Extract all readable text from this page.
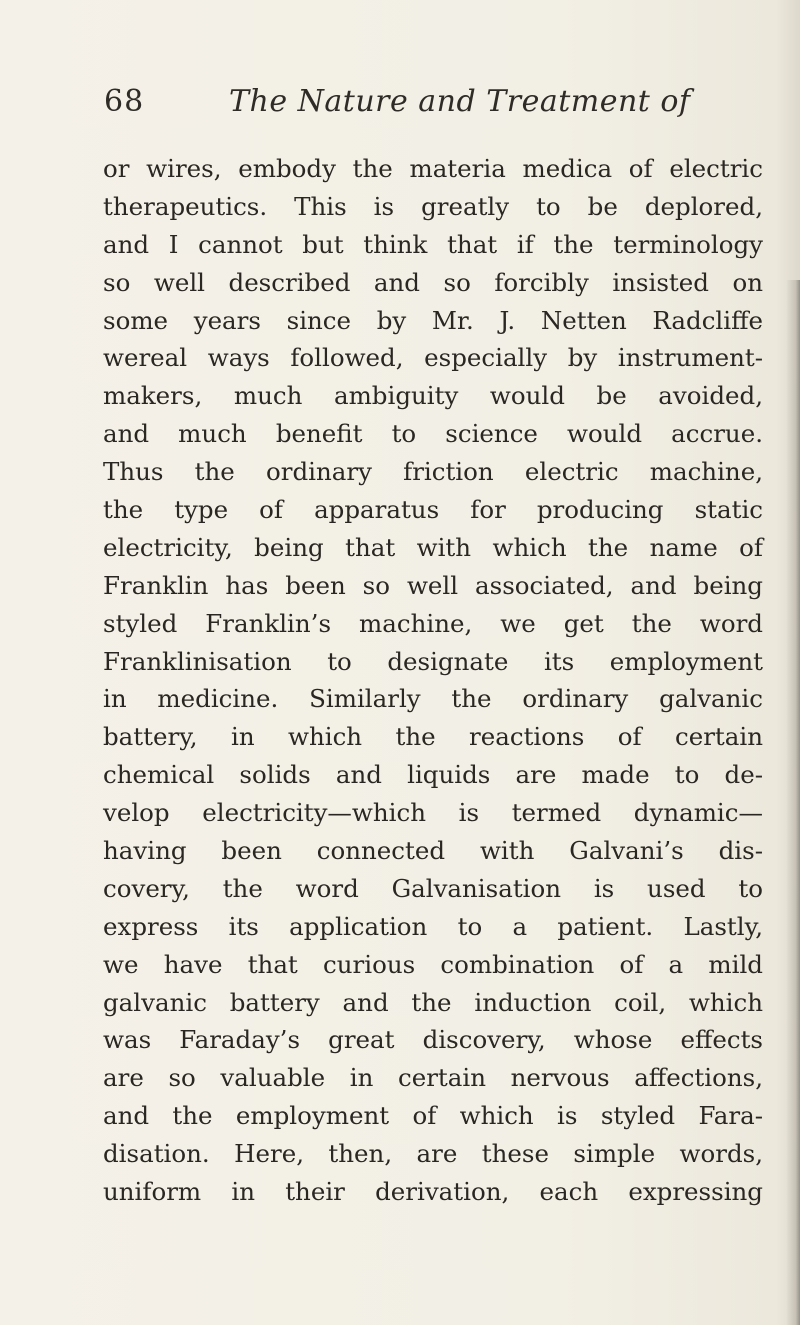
68	The Nature and Treatment of
or wires, embody the materia medica of electric
therapeutics. This is greatly to be deplored,
and I cannot but think that if the terminology
so well described and so forcibly insisted on
some years since by Mr. J. Netten Radcliffe
wereal ways followed, especially by instrument-
makers, much ambiguity would be avoided,
and much benefit to science would accrue.
Thus the ordinary friction electric machine,
the type of apparatus for producing static
electricity, being that with which the name of
Franklin has been so well associated, and being
styled Franklin’s machine, we get the word
Franklinisation to designate its employment
in medicine. Similarly the ordinary galvanic
battery, in which the reactions of certain
chemical solids and liquids are made to de-
velop electricity—which is termed dynamic—
having been connected with Galvani’s dis-
covery, the word Galvanisation is used to
express its application to a patient. Lastly,
we have that curious combination of a mild
galvanic battery and the induction coil, which
was Faraday’s great discovery, whose effects
are so valuable in certain nervous affections,
and the employment of which is styled Fara-
disation. Here, then, are these simple words,
uniform in their derivation, each expressing
